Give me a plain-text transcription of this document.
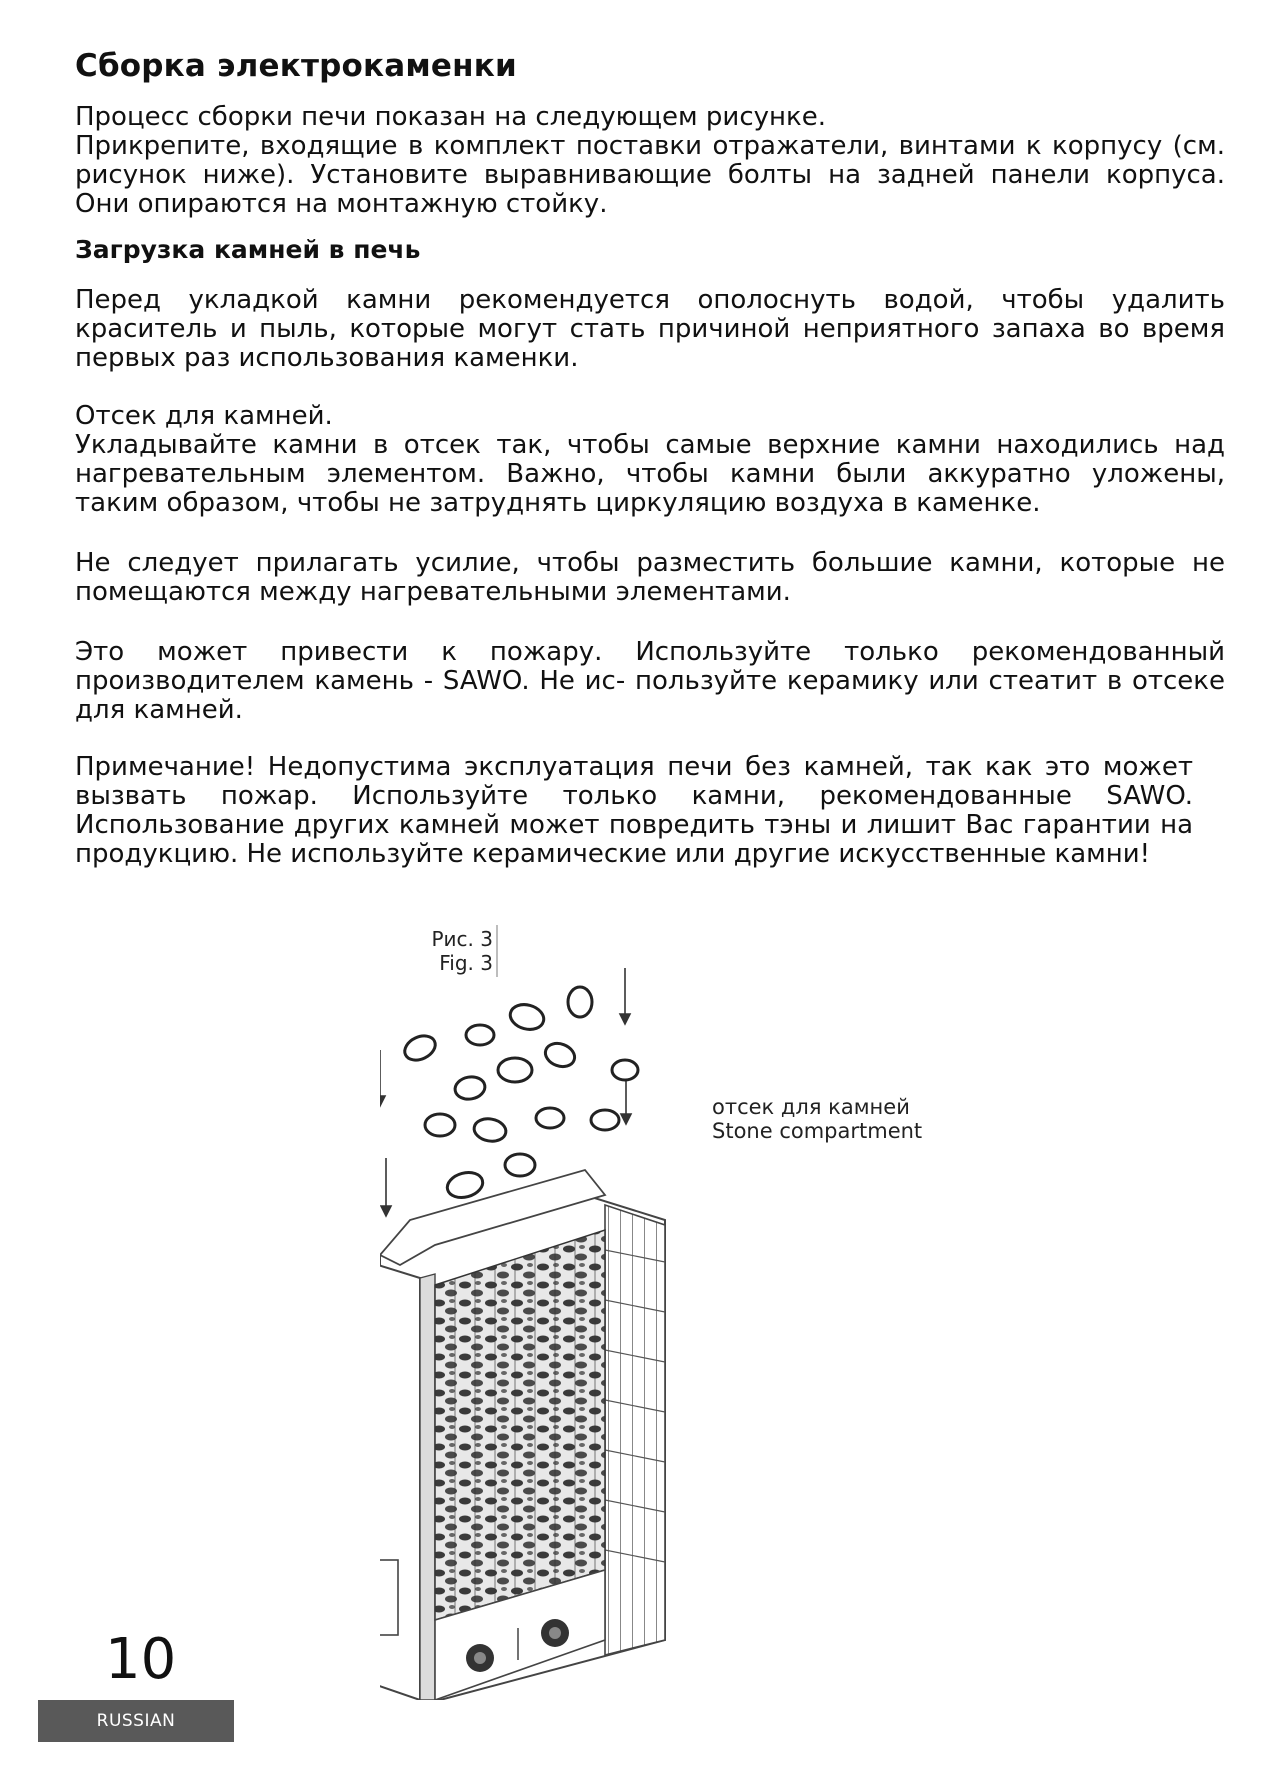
Сборка электрокаменки

Процесс сборки печи показан на следующем рисунке.
Прикрепите, входящие в комплект поставки отражатели, винтами к корпусу (см. рисунок ниже). Установите выравнивающие болты на задней панели корпуса. Они опираются на монтажную стойку.

Загрузка камней в печь

Перед укладкой камни рекомендуется ополоснуть водой, чтобы удалить краситель и пыль, которые могут стать причиной неприятного запаха во время первых раз использования каменки.

Отсек для камней.
Укладывайте камни в отсек так, чтобы самые верхние камни находились над нагревательным элементом. Важно, чтобы камни были аккуратно уложены, таким образом, чтобы не затруднять циркуляцию воздуха в каменке.

Не следует прилагать усилие, чтобы разместить большие камни, которые не помещаются между нагревательными элементами.

Это может привести к пожару. Используйте только рекомендованный производителем камень - SAWO. Не ис- пользуйте керамику или стеатит в отсеке для камней.

Примечание! Недопустима эксплуатация печи без камней, так как это может вызвать пожар. Используйте только камни, рекомендованные SAWO. Использование других камней может повредить тэны и лишит Вас гарантии на продукцию. Не используйте керамические или другие искусственные камни!

Рис. 3
Fig. 3
отсек для камней
Stone compartment
10
RUSSIAN
